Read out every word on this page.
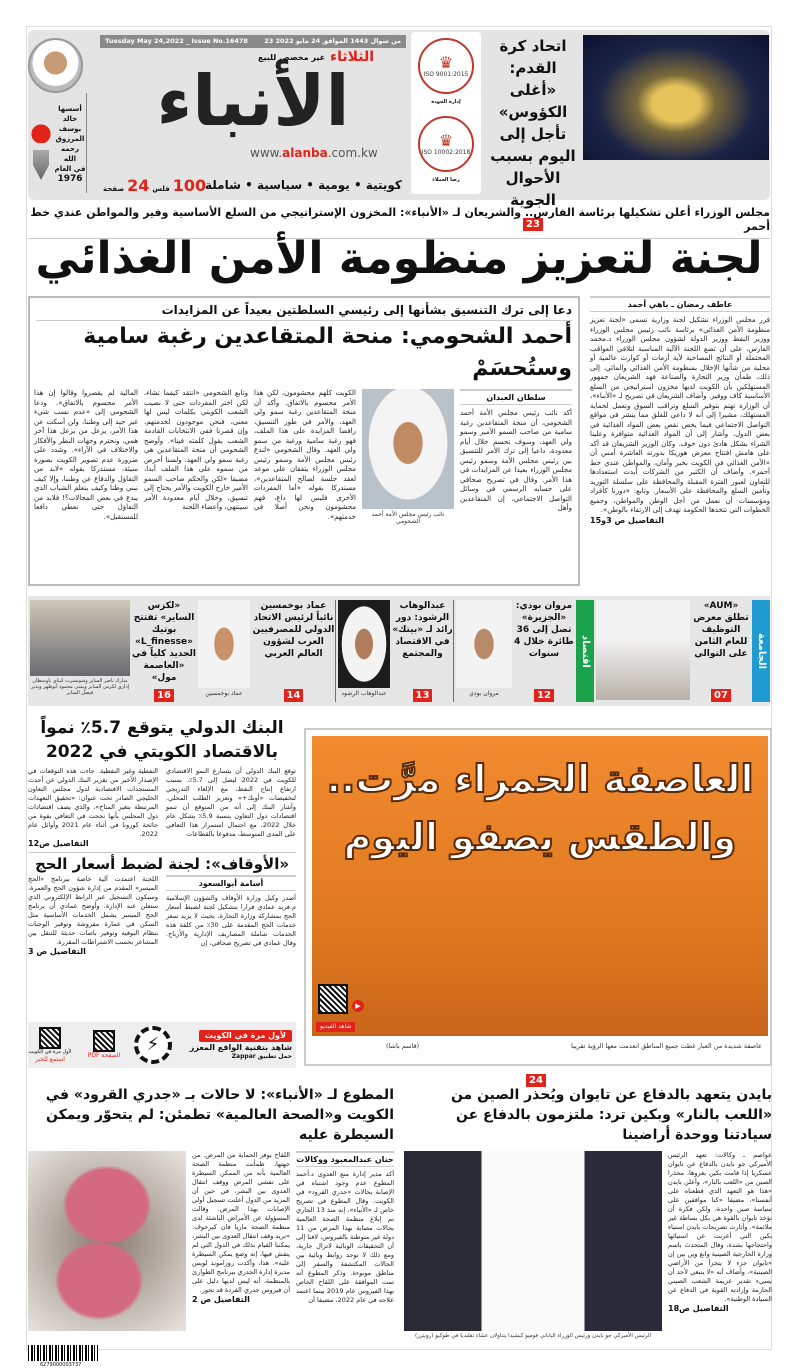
Tuesday May 24,2022 _ Issue No.16478	23 من شوال 1443 الموافق 24 مايو 2022
الثلاثاء
غير مخصص للبيع
الأنباء
www.alanba.com.kw
كويتية • يومية • سياسية • شاملة
100
فلس
24
صفحة
أسسها
خالد يوسف
المرزوق
رحمه الله
في العام
1976
♛
ISO 9001:2015
إدارة الجودة
♛
ISO 10002:2018
رضا العملاء
اتحاد كرة القدم: «أغلى الكؤوس» تأجل إلى اليوم بسبب الأحوال الجوية
23
مجلس الوزراء أعلن تشكيلها برئاسة الفارس.. والشريعان لـ «الأنباء»: المخزون الإستراتيجي من السلع الأساسية وفير والمواطن عندي خط أحمر
لجنة لتعزيز منظومة الأمن الغذائي
عاطف رمضان ـ باهي أحمد

قرر مجلس الوزراء تشكيل لجنة وزارية تسمى «لجنة تعزيز منظومة الأمن الغذائي» برئاسة نائب رئيس مجلس الوزراء ووزير النفط ووزير الدولة لشؤون مجلس الوزراء د.محمد الفارس، على أن تضع اللجنة الآلية المناسبة لتلافي العواقب المحتملة أو النتائج المصاحبة لأية أزمات أو كوارث عالمية أو محلية من شأنها الإخلال بمنظومة الأمن الغذائي والمائي. إلى ذلك، طمأن وزير التجارة والصناعة فهد الشريعان جمهور المستهلكين بأن الكويت لديها مخزون استراتيجي من السلع الأساسية كاف ووفير. وأضاف الشريعان في تصريح لـ «الأنباء»، أن الوزارة تهتم بتوفير السلع وتراقب السوق وتعمل لحماية المستهلك، مشيرا إلى أنه لا داعي للقلق مما ينشر في مواقع التواصل الاجتماعي فيما يخص نقص بعض المواد الغذائية في بعض الدول، وأشار إلى أن المواد الغذائية متوافرة وعلينا الشراء بشكل هادئ دون خوف. وكان الوزير الشريعان قد أكد على هامش افتتاح معرض هوريكا بدورته العاشرة أمس أن «الأمن الغذائي في الكويت بخير وأمان، والمواطن عندي خط أحمر». وأضاف أن الكثير من الشركات أبدت استعدادها للتعاون لعبور الفترة المقبلة والمحافظة على سلسلة التوريد وتأمين السلع والمحافظة على الأسعار. وتابع: «دورنا كأفراد ومؤسسات أن نعمل من أجل الوطن والمواطن، وجميع الخطوات التي تتخذها الحكومة تهدف إلى الارتقاء بالوطن».

التفاصيل ص 3و15
دعا إلى ترك التنسيق بشأنها إلى رئيسي السلطتين بعيداً عن المزايدات
أحمد الشحومي: منحة المتقاعدين رغبة سامية وستُحسَمْ
سلطان العبدان

أكد نائب رئيس مجلس الأمة أحمد الشحومي، أن منحة المتقاعدين رغبة سامية من صاحب السمو الأمير وسمو ولي العهد، وسوف تحسم خلال أيام معدودة، داعيا إلى ترك الأمر للتنسيق بين رئيس مجلس الأمة وسمو رئيس مجلس الوزراء بعيدا عن المزايدات في هذا الأمر. وقال في تصريح صحافي على حسابه الرسمي في وسائل التواصل الاجتماعي، إن المتقاعدين وأهل

نائب رئيس مجلس الأمة أحمد الشحومي

الكويت كلهم محشومون، لكن هذا الأمر محسوم بالاتفاق. وأكد أن منحة المتقاعدين رغبة سمو ولي العهد، والأمر في طور التنسيق، رافضا المزايدة على هذا الملف، فهو رغبة سامية ورغبة من سمو ولي العهد. وقال الشحومي «لندع رئيس مجلس الأمة وسمو رئيس مجلس الوزراء يتفقان على موعد لعقد جلسة لصالح المتقاعدين»، مستدركا بقوله «أما المفردات الأخرى فليس لها داع، فهم محشومون ونحن أصلا في خدمتهم».

وتابع الشحومي «انتقد كيفما تشاء، لكن اختر المفردات حتى لا نصيب الشعب الكويتي بكلمات ليس لها معنى، فنحن موجودون لخدمتهم، وإن قصرنا ففي الانتخابات القادمة الشعب يقول كلمته فينا». وأوضح الشحومي أن منحة المتقاعدين هي رغبة سمو ولي العهد، ولسنا أحرص من سموه على هذا الملف أبدا، مضيفا «لكن والحكم صاحب السمو الأمير خارج الكويت والأمر يحتاج إلى تنسيق، وخلال أيام معدودة الأمر سينتهي، وأعضاء اللجنة

المالية لم يقصروا وقالوا إن هذا الأمر محسوم بالاتفاق». ودعا الشحومي إلى «عدم نسب شيء غير جيد إلى وطننا، ولن أسكت عن هذا الأمر، يزعل من يزعل هذا آخر همي، ونحترم وجهات النظر والأفكار والاختلاف في الآراء». وشدد على ضرورة عدم تصوير الكويت بصورة سيئة، مستدركا بقوله «لابد من التفاؤل والدفاع عن وطننا، وإلا كيف نبني وطنا وكيف يتعلم الشباب الذي يبدع في بعض المجالات؟! فلابد من التفاؤل حتى نعطي دافعا للمستقبل».

الجامعة
«AUM» تطلق معرض التوظيف للعام الثامن على التوالي
07
اقتصاد
مروان بودي: «الجزيرة» تصل إلى 36 طائرة خلال 4 سنوات
12
مروان بودي
عبدالوهاب الرشود: دور رائد لـ «بيتك» في الاقتصاد والمجتمع
13
عبدالوهاب الرشود
عماد بوخمسين نائباً لرئيس الاتحاد الدولي للمصرفيين العرب لشؤون العالم العربي
14
عماد بوخمسين
«لكزس الساير» تفتتح بوتيك «L_finesse» الجديد كلياً في «العاصمة مول»
16
مبارك ناصر الساير وشونسرت كيتاي ياوسطان إداري لكزس الساير ويمنى محمود أبوظهر ويدير فيصل الساير
البنك الدولي يتوقع 5.7٪ نمواً بالاقتصاد الكويتي في 2022

توقع البنك الدولي أن يتسارع النمو الاقتصادي للكويت في 2022 ليصل إلى 5.7٪، بسبب ارتفاع إنتاج النفط، مع الإلغاء التدريجي لتخفيضات «أوبك+» وتعزيز الطلب المحلي. وأشار البنك إلى أنه من المتوقع أن تنمو اقتصادات دول التعاون بنسبة 5.9٪ بشكل عام خلال 2022، مع احتمال استمرار هذا التعافي على المدى المتوسط، مدفوعا بالقطاعات

النفطية وغير النفطية. جاءت هذه التوقعات في الإصدار الأخير من تقرير البنك الدولي عن أحدث المستجدات الاقتصادية لدول مجلس التعاون الخليجي الصادر تحت عنوان: «تحقيق التعهدات المرتبطة بتغير المناخ»، والذي يصف اقتصادات دول المجلس بأنها نجحت في التعافي بقوة من جائحة كورونا في أثناء عام 2021 وأوائل عام 2022.

التفاصيل ص12
«الأوقاف»: لجنة لضبط أسعار الحج
أسامة أبوالسعود

أصدر وكيل وزارة الأوقاف والشؤون الإسلامية م.فريد عمادي قرارا بتشكيل لجنة لضبط أسعار الحج بمشاركة وزارة التجارة، بحيث لا يزيد سعر خدمات الحج المقدمة على 30٪ من كلفة هذه الخدمات شاملة المصاريف الإدارية والأرباح. وقال عمادي في تصريح صحافي، إن

اللجنة اعتمدت آلية خاصة ببرنامج «الحج الميسر» المقدم من إدارة شؤون الحج والعمرة، وسيكون التسجيل عبر الرابط الإلكتروني الذي ستعلن عنه الإدارة. وأوضح عمادي أن برنامج الحج الميسر يشمل الخدمات الأساسية مثل السكن في عمارة مفروشة وتوفير الوجبات بنظام البوفيه وتوفير باصات حديثة للتنقل بين المشاعر بحسب الاشتراطات المقررة.

التفاصيل ص 3
لأول مرة في الكويت
شاهد بتقنية الواقع المعزز
حمل تطبيق Zappar
⚡
الصفحة PDF
لأول مرة في الكويت
استمع للخبر
العاصفة الحمراء مرَّت..
والطقس يصفو اليوم
▶
شاهد الفيديو
عاصفة شديدة من الغبار غطت جميع المناطق انعدمت معها الرؤية تقريبا
(قاسم باشا)
24
بايدن يتعهد بالدفاع عن تايوان ويُحذر الصين من «اللعب بالنار» وبكين ترد: ملتزمون بالدفاع عن سيادتنا ووحدة أراضينا

عواصم ـ وكالات: تعهد الرئيس الأميركي جو بايدن بالدفاع عن تايوان عسكريا إذا قامت بكين بغزوها، محذرا الصين من «اللعب بالنار»، وأعلن بايدن «هذا هو التعهد الذي قطعناه على أنفسنا»، مضيفا «كنا موافقين على سياسة صين واحدة، ولكن فكرة أن تؤخذ تايوان بالقوة هي بكل بساطة غير ملائمة». وأثارت تصريحات بايدن استياء بكين التي أعربت عن استيائها واحتجاجها بشدة، وقال المتحدث باسم وزارة الخارجية الصينية وانغ وين بين إن «تايوان جزء لا يتجزأ من الأراضي الصينية»، وأضاف أنه «لا ينبغي لأحد أن يسيء تقدير عزيمة الشعب الصيني الحازمة وإرادته القوية في الدفاع عن السيادة الوطنية».

التفاصيل ص18
الرئيس الأميركي جو بايدن ورئيس الوزراء الياباني فوميو كيشيدا يتناولان عشاء تقليديا في طوكيو (رويترز)
المطوع لـ «الأنباء»: لا حالات بـ «جدري القرود» في الكويت و«الصحة العالمية» تطمئن: لم يتحوّر ويمكن السيطرة عليه
حنان عبدالمعبود ووكالات

أكد مدير إدارة منع العدوى د.أحمد المطوع عدم وجود اشتباه في الإصابة بحالات «جدري القرود» في الكويت. وقال المطوع في تصريح خاص لـ «الأنباء»، إنه منذ 13 الجاري تم إبلاغ منظمة الصحة العالمية بحالات مصابة بهذا المرض من 11 دولة غير متوطنة بالفيروس، لافتا إلى أن التحقيقات الوبائية لاتزال جارية، ومع ذلك لا توجد روابط وبائية بين الحالات المكتشفة والسفر إلى مناطق موبوءة. وذكر المطوع أنه تمت الموافقة على اللقاح الخاص بهذا الفيروس عام 2019 بينما اعتمد علاجه في عام 2022، مضيفا أن

اللقاح يوفر الحماية من المرض. من جهتها، طمأنت منظمة الصحة العالمية بأنه من الممكن السيطرة على تفشي المرض ووقف انتقال العدوى بين البشر، في حين أن المزيد من الدول أعلنت تسجيل أولى الإصابات بهذا المرض. وقالت المسؤولة عن الأمراض الناشئة لدى منظمة الصحة ماريا فان كيرخوف: «نريد وقف انتقال العدوى بين البشر، يمكننا القيام بذلك في الدول التي لم يتفش فيها، إنه وضع يمكن السيطرة عليه». هذا، وأكدت روزاموند لويس مديرة إدارة الجدري ببرنامج الطوارئ بالمنظمة، أنه ليس لديها دليل على أن فيروس جدري القردة قد تحور.

التفاصيل ص 2
6279000003737
